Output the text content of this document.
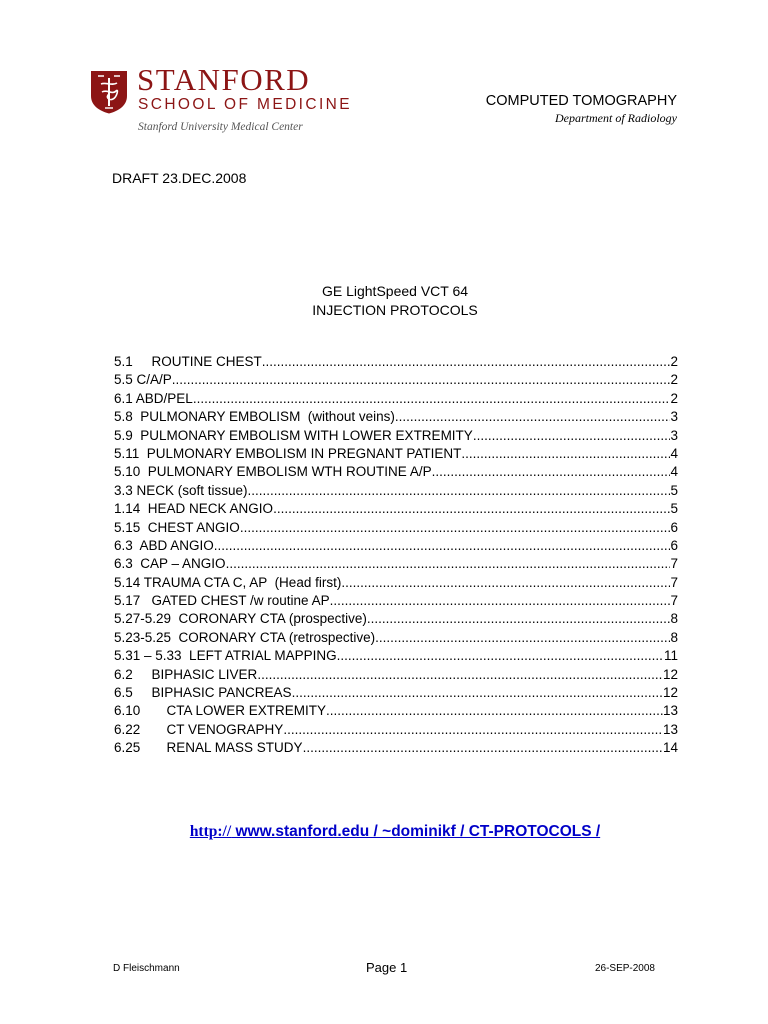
STANFORD
SCHOOL OF MEDICINE
Stanford University Medical Center
COMPUTED TOMOGRAPHY
Department of Radiology
DRAFT 23.DEC.2008
GE LightSpeed VCT 64
INJECTION PROTOCOLS
5.1     ROUTINE CHEST .....	2
5.5 C/A/P .....	2
6.1 ABD/PEL .....	2
5.8  PULMONARY EMBOLISM  (without veins) .....	3
5.9  PULMONARY EMBOLISM WITH LOWER EXTREMITY .....	3
5.11  PULMONARY EMBOLISM IN PREGNANT PATIENT .....	4
5.10  PULMONARY EMBOLISM WTH ROUTINE A/P .....	4
3.3 NECK (soft tissue) .....	5
1.14  HEAD NECK ANGIO .....	5
5.15  CHEST ANGIO .....	6
6.3  ABD ANGIO .....	6
6.3  CAP – ANGIO .....	7
5.14 TRAUMA CTA C, AP  (Head first) .....	7
5.17   GATED CHEST /w routine AP .....	7
5.27-5.29  CORONARY CTA (prospective) .....	8
5.23-5.25  CORONARY CTA (retrospective) .....	8
5.31 – 5.33  LEFT ATRIAL MAPPING .....	11
6.2     BIPHASIC LIVER .....	12
6.5     BIPHASIC PANCREAS .....	12
6.10       CTA LOWER EXTREMITY .....	13
6.22       CT VENOGRAPHY .....	13
6.25       RENAL MASS STUDY .....	14
http:// www.stanford.edu / ~dominikf / CT-PROTOCOLS /
D Fleischmann	Page 1	26-SEP-2008
